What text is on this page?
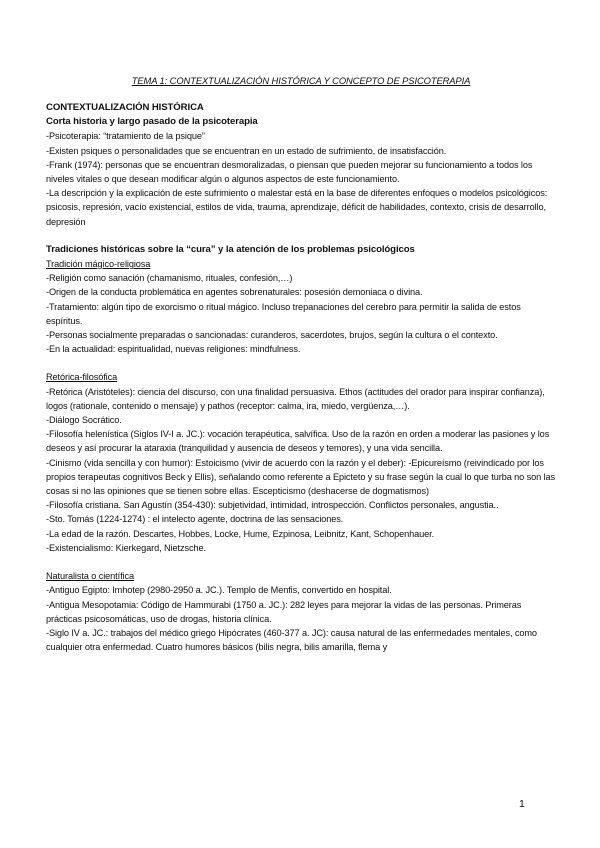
TEMA 1: CONTEXTUALIZACIÓN HISTÓRICA Y CONCEPTO DE PSICOTERAPIA

CONTEXTUALIZACIÓN HISTÓRICA

Corta historia y largo pasado de la psicoterapia

-Psicoterapia: “tratamiento de la psique”

-Existen psiques o personalidades que se encuentran en un estado de sufrimiento, de insatisfacción.

-Frank (1974): personas que se encuentran desmoralizadas, o piensan que pueden mejorar su funcionamiento a todos los niveles vitales o que desean modificar algún o algunos aspectos de este funcionamiento.

-La descripción y la explicación de este sufrimiento o malestar está en la base de diferentes enfoques o modelos psicológicos: psicosis, represión, vacío existencial, estilos de vida, trauma, aprendizaje, déficit de habilidades, contexto, crisis de desarrollo, depresión

Tradiciones históricas sobre la “cura” y la atención de los problemas psicológicos

Tradición mágico-religiosa

-Religión como sanación (chamanismo, rituales, confesión,…)

-Origen de la conducta problemática en agentes sobrenaturales: posesión demoniaca o divina.

-Tratamiento: algún tipo de exorcismo o ritual mágico. Incluso trepanaciones del cerebro para permitir la salida de estos espíritus.

-Personas socialmente preparadas o sancionadas: curanderos, sacerdotes, brujos, según la cultura o el contexto.

-En la actualidad: espiritualidad, nuevas religiones: mindfulness.

Retórica-filosófica

-Retórica (Aristóteles): ciencia del discurso, con una finalidad persuasiva. Ethos (actitudes del orador para inspirar confianza), logos (rationale, contenido o mensaje) y pathos (receptor: calma, ira, miedo, vergüenza,…).

-Diálogo Socrático.

-Filosofía helenística (Siglos IV-I a. JC.): vocación terapéutica, salvífica. Uso de la razón en orden a moderar las pasiones y los deseos y así procurar la ataraxia (tranquilidad y ausencia de deseos y temores), y una vida sencilla.

-Cinismo (vida sencilla y con humor): Estoicismo (vivir de acuerdo con la razón y el deber): -Epicureísmo (reivindicado por los propios terapeutas cognitivos Beck y Ellis), señalando como referente a Epicteto y su frase según la cual lo que turba no son las cosas si no las opiniones que se tienen sobre ellas. Escepticismo (deshacerse de dogmatismos)

-Filosofía cristiana. San Agustín (354-430): subjetividad, intimidad, introspección. Conflictos personales, angustia..

-Sto. Tomás (1224-1274) : el intelecto agente, doctrina de las sensaciones.

-La edad de la razón. Descartes, Hobbes, Locke, Hume, Ezpinosa, Leibnitz, Kant, Schopenhauer.

-Existencialismo: Kierkegard, Nietzsche.

Naturalista o científica

-Antiguo Egipto: Imhotep (2980-2950 a. JC.). Templo de Menfis, convertido en hospital.

-Antigua Mesopotamia: Código de Hammurabi (1750 a. JC.): 282 leyes para mejorar la vidas de las personas. Primeras prácticas psicosomáticas, uso de drogas, historia clínica.

-Siglo IV a. JC.: trabajos del médico griego Hipócrates (460-377 a. JC): causa natural de las enfermedades mentales, como cualquier otra enfermedad. Cuatro humores básicos (bilis negra, bilis amarilla, flema y

1
